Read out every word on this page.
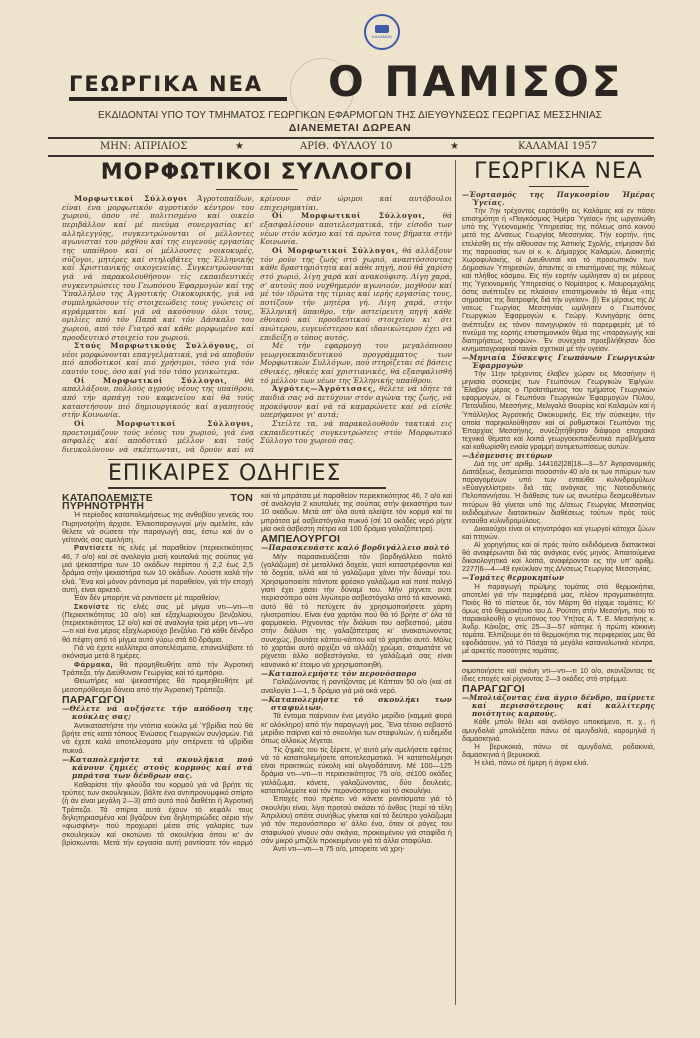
ΚΑΛΑΜΩΝ
ΓΕΩΡΓΙΚΑ ΝΕΑ Ο ΠΑΜΙΣΟΣ
ΕΚΔΙΔΟΝΤΑΙ ΥΠΟ ΤΟΥ ΤΜΗΜΑΤΟΣ ΓΕΩΡΓΙΚΩΝ ΕΦΑΡΜΟΓΩΝ ΤΗΣ ΔΙΕΥΘΥΝΣΕΩΣ ΓΕΩΡΓΙΑΣ ΜΕΣΣΗΝΙΑΣ
ΔΙΑΝΕΜΕΤΑΙ ΔΩΡΕΑΝ
ΜΗΝ: ΑΠΡΙΛΙΟΣ	★	ΑΡΙΘ. ΦΥΛΛΟΥ 10	★	ΚΑΛΑΜΑΙ 1957
ΜΟΡΦΩΤΙΚΟΙ ΣΥΛΛΟΓΟΙ

Μορφωτικοί Σύλλογοι Ἀγροτοπαίδων, είναι ένα μορφωτικόν αγροτικόν κέντρον του χωριού, όπου σέ πολιτισμένο καί οικείο περιβάλλον καί μέ πνεύμα συνεργασίας κι' αλληλεγγύης, συγκεντρώνονται οί μέλλοντες αγωνισταί του μόχθου καί της ευγενούς εργασίας της υπαίθρου καί οί μέλλουσες νοικοκυρές, σύζυγοι, μητέρες καί στηλοβάτες της Ἑλληνικής καί Χριστιανικής οικογενείας. Συγκεντρώνονται γιά νά παρακολουθήσουν τίς εκπαιδευτικές συγκεντρώσεις του Γεωπόνου Ἐφαρμογών καί της Ὑπαλλήλου της Ἀγροτικής Οικοκυρικής, γιά νά συμπληρώσουν τίς στοιχειώδεις τους γνώσεις οί αγράμματοι καί γιά νά ακούσουν όλοι τους, ομιλίες από τόν Παπά καί τόν Δάσκαλο του χωριού, από τόν Γιατρό καί κάθε μορφωμένο καί προοδευτικό στοιχείο του χωριού.

Στούς Μορφωτικούς Συλλόγους, οί νέοι μορφώνονται επαγγελματικά, γιά νά αποβούν πιό αποδοτικοί καί πιό χρήσιμοι, τόσο γιά τόν εαυτόν τους, όσο καί γιά τόν τόπο γενικώτερα.

Οἱ Μορφωτικοί Σύλλογοι, θά απαλλάξουν, πολλούς αγρούς νέους της υπαίθρου, από τήν αρπάγη του καφενείου καί θά τούς καταστήσουν πιό δημιουργικούς καί αγαπητούς στήν Κοινωνία.

Οἱ Μορφωτικοί Σύλλογοι, προετοιμάζουν τούς νέους του χωριού, γιά ένα ασφαλές καί αποδοτικό μέλλον καί τούς διευκολύνουν νά σκέπτωνται, νά δρούν καί νά κρίνουν σάν ώριμοι καί αυτόβουλοι επιχειρηματίαι.

Οἱ Μορφωτικοί Σύλλογοι, θά εξασφαλίσουν αποτελεσματικά, τήν είσοδο των νέων στόν κόσμο καί τά πρώτα τους βήματα στήν Κοινωνία.

Οἱ Μορφωτικοί Σύλλογοι, θά αλλάξουν τόν ρούν της ζωής στό χωριό, αναπτύσσοντας κάθε δραστηριότητα καί κάθε πηγή, πού θά χαρίση στό χωριό, λίγη χαρά καί ανακούφιση. Λίγη χαρά, σ' αυτούς πού νυχθημερόν αγωνιούν, μοχθούν καί μέ τόν ιδρώτα της τίμιας καί ιερής εργασίας τους, ποτίζουν τήν μητέρα γή. Λίγη χαρά, στήν Ἑλληνική ύπαιθρο, τήν αστείρευτη πηγή κάθε εθνικού καί προοδευτικού στοιχείου κι' ότι ανώτερου, ευγενέστερου καί ιδανικώτερου έχει νά επιδείξη ο τόπος αυτός.

Μέ τήν εφαρμογή του μεγαλόπνοου γεωργοεκπαιδευτικού προγράμματος των Μορφωτικών Συλλόγων, πού στηρίζεται σέ βάσεις εθνικές, ηθικές καί χριστιανικές, θά εξασφαλισθή τό μέλλον των νέων της Ἑλληνικής υπαίθρου.

Ἀγρότες—Ἀγρότισσες, θέλετε νά ιδήτε τά παιδιά σας νά πετύχουν στόν αγώνα της ζωής, νά προκόψουν καί νά τά καμαρώνετε καί νά είσθε υπερήφανοι γι' αυτά;

Στείλτε τα, νά παρακολουθούν τακτικά εις εκπαιδευτικές συγκεντρώσεις στόν Μορφωτικό Σύλλογο του χωριού σας.

ΕΠΙΚΑΙΡΕΣ ΟΔΗΓΙΕΣ

ΚΑΤΑΠΟΛΕΜΙΣΤΕ ΤΟΝ ΠΥΡΗΝΟΤΡΗΤΗ

Ἡ περίοδος καταπολεμήσεως της ανθοβίου γενεάς του Πυρηνοτρήτη άρχισε. Ἐλαιοπαραγωγοί μήν αμελείτε, εάν θέλετε νά σώσετε τήν παραγωγή σας, έστω καί άν ο γείτονάς σας αμελήση.

Ραντίσετε τίς ελιές μέ παραθείον (περιεκτικότητος 46, 7 ο/ο) καί σέ αναλογία μισή κουταλιά της σούπας γιά μιά ψεκαστήρα των 10 οκάδων περίπου ή 2,2 έως 2,5 δράμια στήν ψεκαστήρα των 10 οκάδων. Λούστε καλά τήν ελιά. Ἕνα καί μόνον ράντισμα μέ παραθείον, γιά τήν εποχή αυτή, είναι αρκετό.

Ἐάν δέν μπορήτε νά ραντίσετε μέ παραθείον;

Σκονίστε τίς ελιές σας μέ μίγμα ντι—ντι—τι (Περιεκτικότητος 10 ο/ο) καί εξαχλωριούχου βενζολίου, (περιεκτικότητος 12 ο/ο) καί σέ αναλογία τρία μέρη ντι—ντι—τι καί ένα μέρος εξαχλωριούχο βενζόλιο. Γιά κάθε δένδρο θά πέφτη από τό μίγμα αυτό γύρω στά 60 δράμια.

Γιά νά έχετε καλλίτερα αποτελέσματα, επαναλάβατε τό σκόνισμα μετά 8 ημέρες.

Φάρμακα, θά προμηθευθήτε από τήν Ἀγροτική Τράπεζα, τήν Διεύθυνσιν Γεωργίας καί τό εμπόριο.

Θειωτήρες καί ψεκαστήρες θά προμηθευθήτε μέ μεσοπρόθεσμα δάνεια από τήν Ἀγροτική Τράπεζα.

ΠΑΡΑΓΩΓΟΙ

—Θέλετε νά αυξήσετε τήν απόδοση της κούκλας σας;

Ἀντικαταστήστε τήν ντόπια κούκλα μέ Ὑβρίδια πού θά βρήτε στίς κατά τόπους Ἑνώσεις Γεωργικών συν)σμών. Γιά νά έχετε καλά αποτελέσματα μήν σπέρνετε τά υβρίδια πυκνά.

—Καταπολεμήστε τά σκουλήκια πού κάνουν ζημιές στούς κορμούς καί στά μπράτσα των δένδρων σας.

Καθαρίστε τήν φλούδα του κορμού γιά νά βρήτε τίς τρύπες των σκουληκιών, βάλτε ένα αντιπρονυμφικό σπίρτο (ή άν είναι μεγάλη 2—3) από αυτό πού διαθέτει ή Ἀγροτική Τράπεζα. Τά σπίρτα αυτά έχουν τό κεφάλι τους δηλητηριασμένα καί βγάζουν ένα δηλητηριώδες αέριο τήν «φωσφίνη» πού προχωρεί μέσα στίς γαλαρίες των σκουληκιών καί σκοτώνει τά σκουλήκια όπου κι' άν βρίσκωνται. Μετά τήν εργασία αυτή ραντίσατε τόν κορμό καί τά μπράτσα μέ παραθείον περιεκτικότητος 46, 7 ο/ο καί σέ αναλογία 2 κουταλιές της σούπας στήν ψεκαστήρα των 10 οκάδων. Μετά απ' όλα αυτά αλείψτε τόν κορμό καί τα μπράτσα μέ ασβεστόγαλα πυκνό (σέ 10 οκάδες νερό ρίχτε μία οκά άσβεστη πέτρα καί 100 δράμια γαλαζόπετρα).

ΑΜΠΕΛΟΥΡΓΟΙ

—Παρασκευάστε καλό βορδιγάλλειο πολτό

Μήν παρασκευάζεται τόν βορδιγάλλειο πολτό (γαλάζωμα) σέ μεταλλικά δοχεία, γιατί καταστρέφονται καί τά δοχεία, αλλά καί τό γαλάζωμα χάνει τήν δύναμί του. Χρησιμοποιείτε πάντοτε φρέσκο γαλάζωμα καί ποτέ παληό γιατί έχει χάσει τήν δύναμί του. Μήν ρίχνετε ούτε περισσότερο ούτε λιγώτερο ασβεστόγαλα από τό κανονικό, αυτό θά τό πετύχετε άν χρησιμοποιήσετε χάρτη ηλιοτροπίου. Είναι ένα χαρτάκι πού θά τό βρήτε σ' όλα τά φαρμακεία. Ρίχνοντας τήν διάλυσι του ασβεστιού, μέσα στήν διάλυσι της γαλαζόπετρας κι' ανακατώνοντας συνεχώς, βουτάτε κάπου-κάπου καί τό χαρτάκι αυτό. Μόλις τό χαρτάκι αυτό αρχίζει νά αλλάζη χρώμα, σταματάτε νά ρίχνεται άλλο ασβεστόγαλα, τό γαλάζωμά σας είναι κανονικό κι' έτοιμο νά χρησιμοποιηθή.

—Καταπολεμήστε τόν περονόσπορο

Γαλαζώνοντας ή ραντίζοντας μέ Κάπταν 50 ο/ο (καί σέ αναλογία 1—1, 5 δράμια γιά μιά οκά νερό.

—Καταπολεμήστε τό σκουλήκι των σταφυλιών.

Τά έντομα παίρνουν ένα μεγάλο μερίδιο (καμμιά φορά κι' ολόκληρο) από τήν παραγωγή μας. Ἕνα τέτοιο σεβαστό μερίδιο παίρνει καί τό σκουλήκι των σταφυλιών, ή ευδεμίδα όπως αλλοιώς λέγεται.

Τίς ζημιές του τίς ξέρετε, γι' αυτό μήν αμελήσετε εφέτος νά τό καταπολεμήσετε αποτελεσματικά. Ἡ καταπολέμησι είναι πρακτικώς εύκολη καί ολιγοδάπανη. Μέ 100—125 δράμια ντι—ντι—τι περιεκτικότητος 75 ο/ο, σέ100 οκάδες γαλάζωμα, κάνετε, γαλαζώνοντας, δύο δουλειές, καταπολεμείτε καί τόν περονόσπορο καί τό σκουλήκι.

Ἐποχές πού πρέπει νά κάνετε ραντίσματα γιά τό σκουλήκι είναι, λίγο προτού σκάσει τό άνθος (περί τά τέλη Ἀπριλίου) οπότε συνήθως γίνεται καί τό δεύτερο γαλάζωμα γιά τόν περονόσπορο κι' άλλο ένα, όταν οί ρόγες του σταφυλιού γίνουν σάν σκάγια, προκειμένου γιά σταφίδα ή σάν μικρό μπιζέλι προκειμένου γιά τά άλλα σταφύλια.

Ἀντί ντι—ντι—τι 75 ο/ο, μπορείτε νά χρη-

ΓΕΩΡΓΙΚΑ ΝΕΑ

—Ἑορτασμός της Παγκοσμίου Ἡμέρας Ὑγείας.

Τήν 7ην τρέχοντος εορτάσθη εις Καλάμας καί εν πάσει επισημότητι ή «Παγκόσμιος Ἡμέρα Ὑγείας» ήτις ωργανώθη υπό της Ὑγειονομικής Ὑπηρεσίας της πόλεως από κοινού μετά της Δ/νσεως Γεωργίας Μεσσηνίας. Τήν εορτήν, ήτις ετελέσθη εις τήν αίθουσαν της Ἀστικής Σχολής, ετίμησαν διά της παρουσίας των οί κ. κ. Δήμαρχος Καλαμών, Διοικητής Χωροφυλακής, οί Διευθυνταί καί τό προσωπικόν των Δημοσίων Ὑπηρεσιών, άπαντες οί επιστήμονες της πόλεως καί πλήθος κόσμου. Εις τήν εορτήν ωμίλησαν α) εκ μέρους της Ὑγειονομικής Ὑπηρεσίας ο Νομίατρος κ. Μαυρομιχάλης όστις ανέπτυξεν εις πλαίσιον επιστημονικόν τό θέμα «της σημασίας της διατροφής διά τήν υγείαν». β) Ἐκ μέρους της Δ/νσεως Γεωργίας Μεσσηνίας ωμίλησεν ο Γεωπόνος Γεωργικών Ἐφαρμογών κ. Γεώργ. Κυνηγάρης όστις ανέπτυξεν εις τόνον πανηγυρικόν τό παρεμφερές μέ τό πνεύμα της εορτής επιστημονικόν θέμα της «παραγωγής καί διατηρήσεως τροφών». Ἐν συνεχεία προεβλήθησαν δύο κινηματογραφικαί ταινίαι σχετικαί μέ τήν υγείαν.

—Μηνιαία Σύσκεψις Γεωπόνων Γεωργικών Ἐφαρμογών

Τήν 11ην τρέχοντος έλαβεν χώραν εις Μεσσήνην ή μηνιαία σύσκεψις των Γεωπόνων Γεωργικών Ἐφ/γών. Ἔλαβον μέρος ο Προϊστάμενος του τμήματος Γεωργικών εφαρμογών, οί Γεωπόνοι Γεωργικών Ἐφαρμογών Πύλου, Πεταλιδίου, Μεσσήνης, Μελιγαλά Θουρίας καί Καλαμών καί ή Ὑπάλληλος Ἀγροτικής Οικοκυρικής. Εις τήν σύσκεψιν, τήν οποία παρηκολούθησαν καί οί ρυθμιστικοί Γεωπόνοι της Ἐπαρχίας Μεσσήνης, συνεζητήθησαν διάφορα εποχιακά τεχνικά θέματα καί λοιπά γεωργοεκπαιδευτικά προβλήματα καί καθωρίσθη ενιαία γραμμή αντιμετωπίσεως αυτών.

—Δέσμευσις πιτύρων

Διά της υπ' αριθμ. 144162|28|18—3—57 Ἀγορανομικής Διατάξεως, δεσμεύεται ποσοστόν 40 ο/ο εκ των πιτύρων των παραγομένων υπό των ενταύθα κυλινδρομύλων «Εὐαγγελίστρια» διά τάς ανάγκας της Νοτιοδυτικής Πελοποννήσου. Ἡ διάθεσις των ως ανωτέρω δεσμευθέντων πιτύρων θά γίνεται υπό της Δ/σεως Γεωργίας Μεσσηνίας εκδιδομένων διατακτικών διαθέσεως τούτων πρός τούς ενταύθα κυλινδρομύλους.

Δικαιούχοι είναι οί κτηνοτρόφοι καί γεωργοί κάτοχοι ζώων καί πτηνών.

Αἱ χορηγήσεις καί αἱ πρός τούτο εκδιδόμεναι διατακτικαί θά αναφέρωνται διά τάς ανάγκας ενός μηνός. Ἀπαιτούμενα δικαιολογητικά καί λοιπά, αναφέρονται εις τήν υπ' αριθμ. 2277|6—4—49 εγκύκλιον της Δ/νσεως Γεωργίας Μεσσηνίας.

—Τομάτες θερμοκηπίων

Ἡ παραγωγή πρώϊμης τομάτας στά θερμοκήπια, αποτελεί γιά τήν περιφέρειά μας, πλέον πραγματικότητα. Ποιός θά τό πίστευε δε, τόν Μάρτη θά είχαμε τομάτες; Κι' όμως στό θερμοκήπιο του Δ. Ρούτση στήν Μεσσήνη, πού τό παρακολουθή ο γεωπόνος του Ὑπ|τος Α. Τ. Ε. Μεσσήνης κ. Ἀνδρ. Κόκιζας, στίς 25—3—57 κόπηκε ή πρώτη κόκκινη τομάτα. Ἐλπίζουμε ότι τά θερμοκήπια της περιφερείας μας θά εφοδιάσουν, γιά τό Πάσχα τά μεγάλα καταναλωτικά κέντρα, μέ αρκετές ποσότητες τομάτας.

σιμοποιήσετε καί σκόνη ντι—ντι—τι 10 ο/ο, σκονίζοντας τίς ίδιες εποχές καί ρίχνοντας 2—3 οκάδες στό στρέμμα.

ΠΑΡΑΓΩΓΟΙ

—Μπολιάζοντας ένα άγριο δένδρο, παίρνετε καί περισσότερους καί καλλίτερης ποιότητος καρπούς.

Κάθε μπόλι θέλει καί ανάλογο υποκείμενο, π. χ., ή αμυγδαλιά μπολιάζεται πάνω σέ αμυγδαλιά, κορομηλιά ή δαμασκηνιά.

Ἡ βερυκοκιά, πάνω σέ αμυγδαλιά, ροδακινιά, δαμασκηνιά ή βερυκοκιά.

Ἡ ελιά, πάνω σέ ήμερη ή άγρια ελιά.
